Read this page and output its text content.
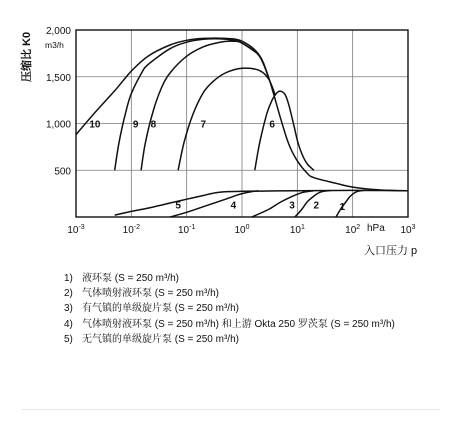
$10^{-3}$	$10^{-2}$	$10^{-1}$	$10^0$	$10^1$	$10^2$	$10^3$
500
1,000
1,500
2,000
10	9 8	7	6
5	4	3 2 1
压缩比 K0 m3/h
hPa
入口压力 p
1) 液环泵 (S = 250 m³/h)
2) 气体喷射液环泵 (S = 250 m³/h)
3) 有气镇的单级旋片泵 (S = 250 m³/h)
4) 气体喷射液环泵 (S = 250 m³/h) 和上游 Okta 250 罗茨泵 (S = 250 m³/h)
5) 无气镇的单级旋片泵 (S = 250 m³/h)
